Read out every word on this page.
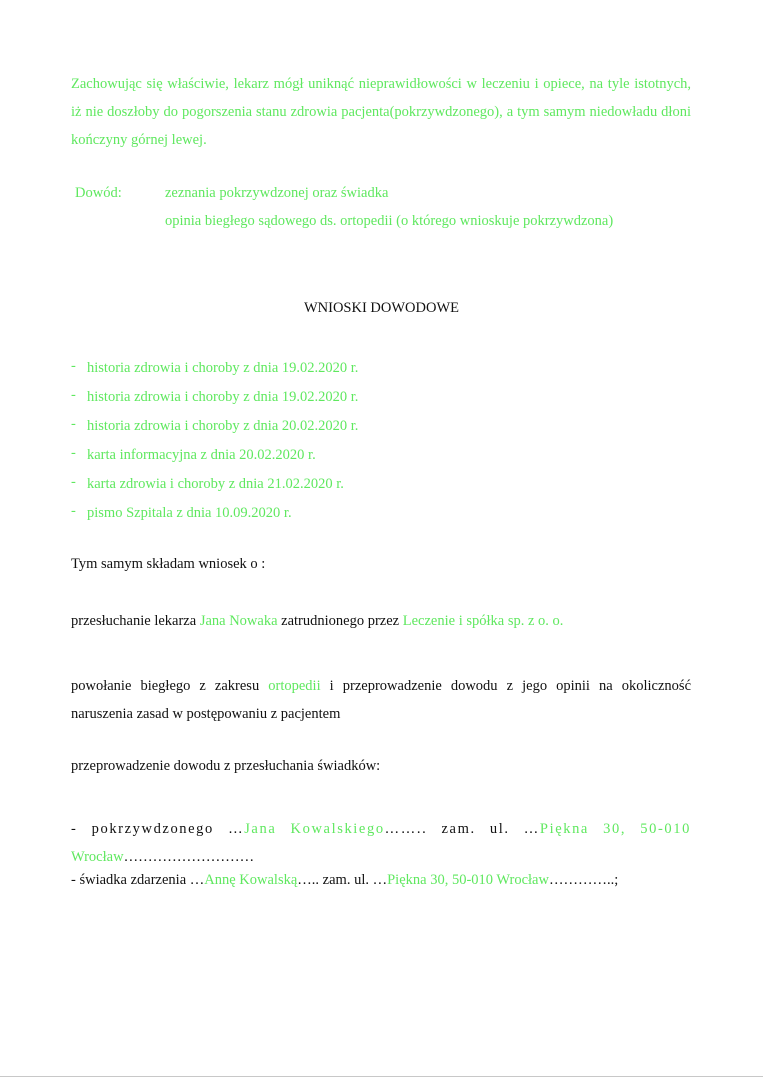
Zachowując się właściwie, lekarz mógł uniknąć nieprawidłowości w leczeniu i opiece, na tyle istotnych, iż nie doszłoby do pogorszenia stanu zdrowia pacjenta(pokrzywdzonego), a tym samym niedowładu dłoni kończyny górnej lewej.
Dowód:	zeznania pokrzywdzonej oraz świadka
opinia biegłego sądowego ds. ortopedii (o którego wnioskuje pokrzywdzona)
WNIOSKI DOWODOWE
- historia zdrowia i choroby z dnia 19.02.2020 r.
- historia zdrowia i choroby z dnia 19.02.2020 r.
- historia zdrowia i choroby z dnia 20.02.2020 r.
- karta informacyjna z dnia 20.02.2020 r.
- karta zdrowia i choroby z dnia 21.02.2020 r.
- pismo Szpitala z dnia 10.09.2020 r.
Tym samym składam wniosek o :
przesłuchanie lekarza Jana Nowaka zatrudnionego przez Leczenie i spółka sp. z o. o.
powołanie biegłego z zakresu ortopedii i przeprowadzenie dowodu z jego opinii na okoliczność
naruszenia zasad w postępowaniu z pacjentem
przeprowadzenie dowodu z przesłuchania świadków:
- pokrzywdzonego …Jana Kowalskiego…….. zam. ul. …Piękna 30, 50-010
Wrocław………………………
- świadka zdarzenia …Annę Kowalską….. zam. ul. …Piękna 30, 50-010 Wrocław…………..;
